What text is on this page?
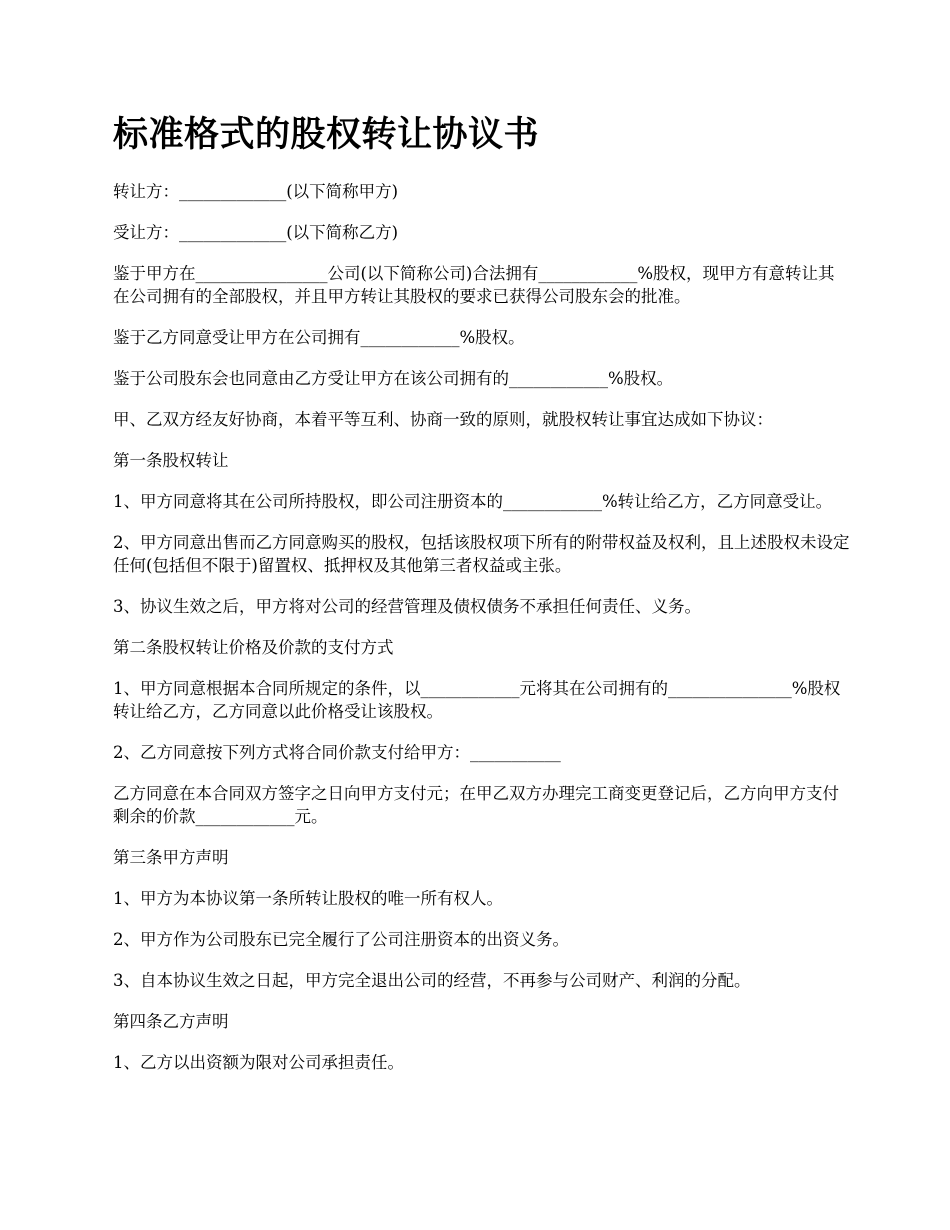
标准格式的股权转让协议书

转让方：_____________(以下简称甲方)

受让方：_____________(以下简称乙方)

鉴于甲方在________________公司(以下简称公司)合法拥有____________%股权，现甲方有意转让其在公司拥有的全部股权，并且甲方转让其股权的要求已获得公司股东会的批准。

鉴于乙方同意受让甲方在公司拥有____________%股权。

鉴于公司股东会也同意由乙方受让甲方在该公司拥有的____________%股权。

甲、乙双方经友好协商，本着平等互利、协商一致的原则，就股权转让事宜达成如下协议：

第一条股权转让

1、甲方同意将其在公司所持股权，即公司注册资本的____________%转让给乙方，乙方同意受让。

2、甲方同意出售而乙方同意购买的股权，包括该股权项下所有的附带权益及权利，且上述股权未设定任何(包括但不限于)留置权、抵押权及其他第三者权益或主张。

3、协议生效之后，甲方将对公司的经营管理及债权债务不承担任何责任、义务。

第二条股权转让价格及价款的支付方式

1、甲方同意根据本合同所规定的条件，以____________元将其在公司拥有的_______________%股权转让给乙方，乙方同意以此价格受让该股权。

2、乙方同意按下列方式将合同价款支付给甲方：___________

乙方同意在本合同双方签字之日向甲方支付元；在甲乙双方办理完工商变更登记后，乙方向甲方支付剩余的价款____________元。

第三条甲方声明

1、甲方为本协议第一条所转让股权的唯一所有权人。

2、甲方作为公司股东已完全履行了公司注册资本的出资义务。

3、自本协议生效之日起，甲方完全退出公司的经营，不再参与公司财产、利润的分配。

第四条乙方声明

1、乙方以出资额为限对公司承担责任。
